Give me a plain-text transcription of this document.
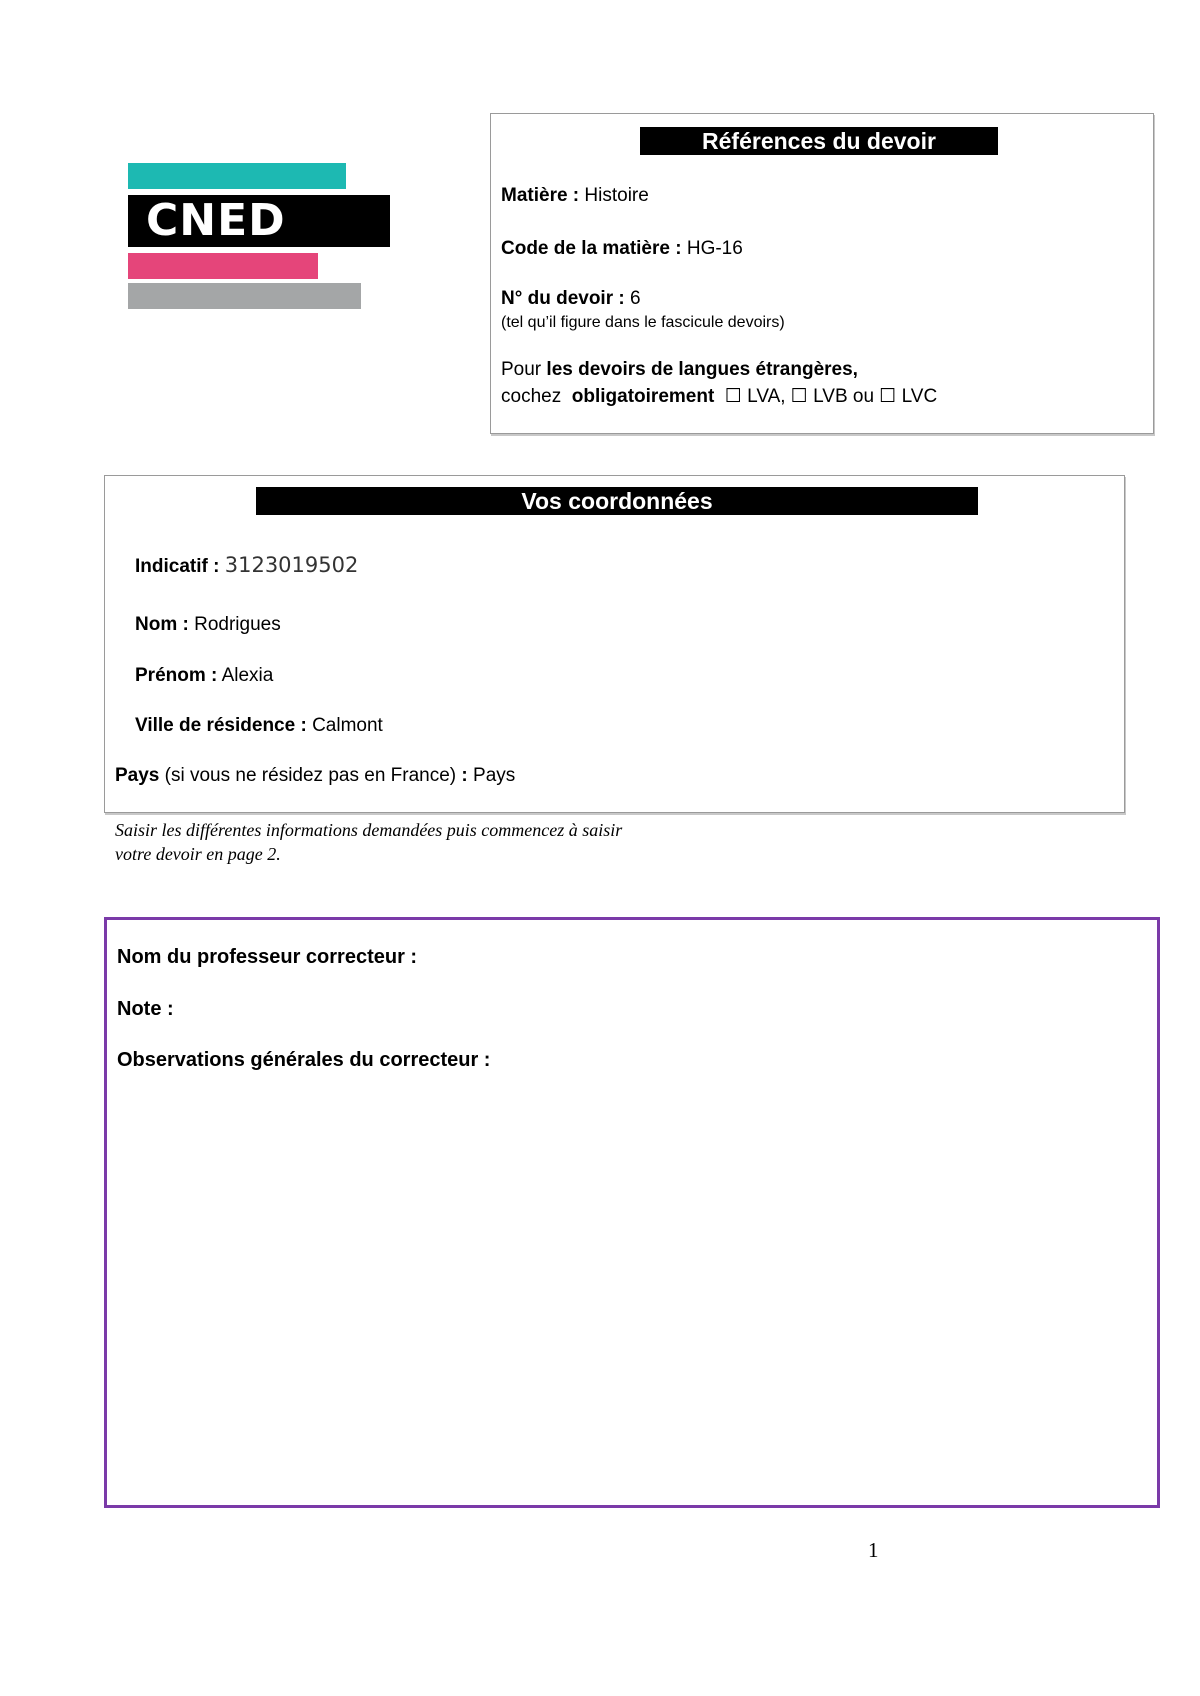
CNED
Références du devoir
Matière : Histoire
Code de la matière : HG-16
N° du devoir : 6
(tel qu’il figure dans le fascicule devoirs)
Pour les devoirs de langues étrangères,
cochez obligatoirement ☐ LVA, ☐ LVB ou ☐ LVC
Vos coordonnées
Indicatif : 3123019502
Nom : Rodrigues
Prénom : Alexia
Ville de résidence : Calmont
Pays (si vous ne résidez pas en France) : Pays
Saisir les différentes informations demandées puis commencez à saisir
votre devoir en page 2.
Nom du professeur correcteur :
Note :
Observations générales du correcteur :
1
